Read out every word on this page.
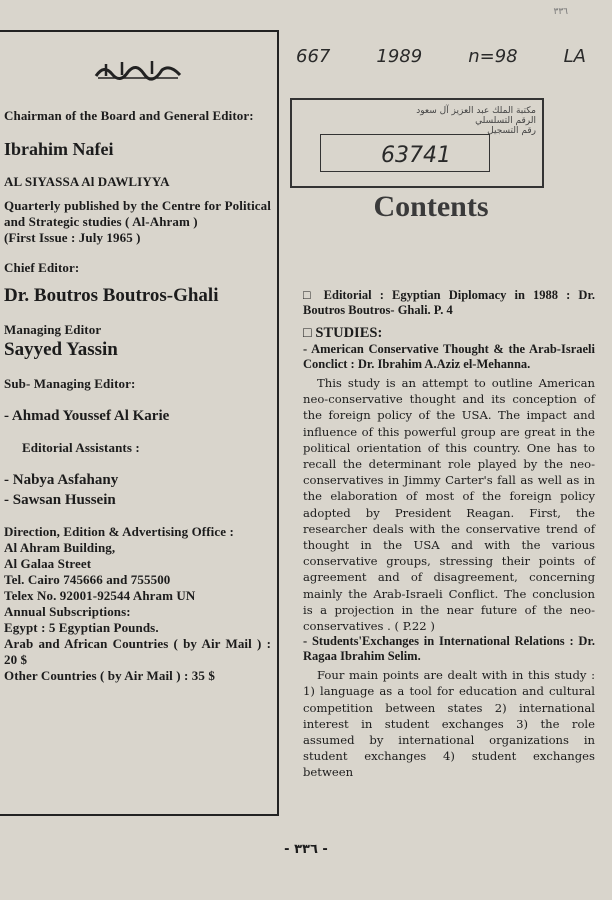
٣٣٦
Chairman of the Board and General Editor:
Ibrahim Nafei
AL SIYASSA Al DAWLIYYA
Quarterly published by the Centre for Political and Strategic studies ( Al-Ahram )
(First Issue : July 1965 )
Chief Editor:
Dr. Boutros Boutros-Ghali
Managing Editor
Sayyed Yassin
Sub- Managing Editor:
- Ahmad Youssef Al Karie
Editorial Assistants :
- Nabya Asfahany
- Sawsan Hussein
Direction, Edition & Advertising Office :
Al Ahram Building,
Al Galaa Street
Tel. Cairo 745666 and 755500
Telex No. 92001-92544 Ahram UN
Annual Subscriptions:
Egypt : 5 Egyptian Pounds.
Arab and African Countries ( by Air Mail ) : 20 $
Other Countries ( by Air Mail ) : 35 $
667	1989	n=98	LA
مكتبة الملك عبد العزيز آل سعود
الرقم التسلسلي
رقم التسجيل
63741
Contents
□ Editorial : Egyptian Diplomacy in 1988 : Dr. Boutros Boutros- Ghali. P. 4
□ STUDIES:
- American Conservative Thought & the Arab-Israeli Conclict : Dr. Ibrahim A.Aziz el-Mehanna.
This study is an attempt to outline American neo-conservative thought and its conception of the foreign policy of the USA. The impact and influence of this powerful group are great in the political orientation of this country. One has to recall the determinant role played by the neo-conservatives in Jimmy Carter's fall as well as in the elaboration of most of the foreign policy adopted by President Reagan. First, the researcher deals with the conservative trend of thought in the USA and with the various conservative groups, stressing their points of agreement and of disagreement, concerning mainly the Arab-Israeli Conflict. The conclusion is a projection in the near future of the neo-conservatives . ( P.22 )
- Students'Exchanges in International Relations : Dr. Ragaa Ibrahim Selim.
Four main points are dealt with in this study : 1) language as a tool for education and cultural competition between states 2) international interest in student exchanges 3) the role assumed by international organizations in student exchanges 4) student exchanges between
- ٣٣٦ -
